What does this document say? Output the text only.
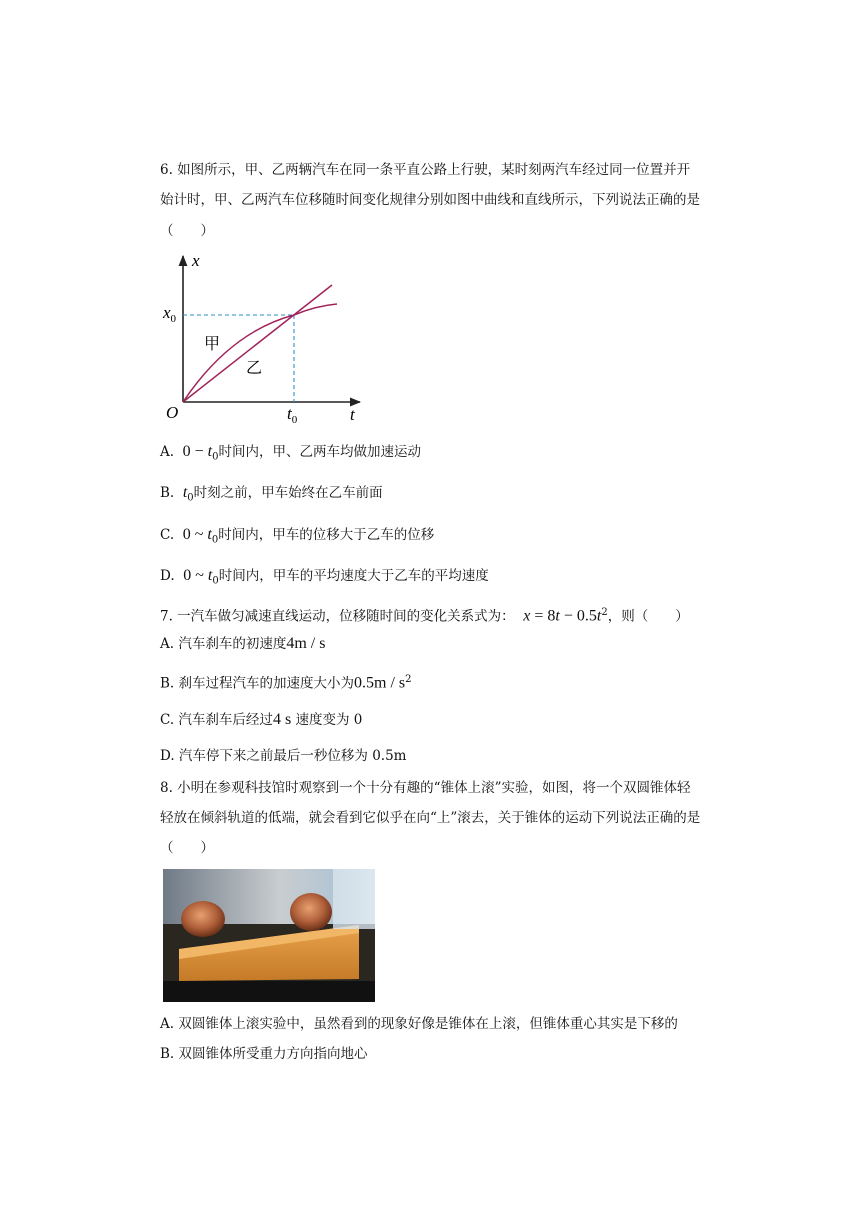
6. 如图所示，甲、乙两辆汽车在同一条平直公路上行驶，某时刻两汽车经过同一位置并开
始计时，甲、乙两汽车位移随时间变化规律分别如图中曲线和直线所示，下列说法正确的是
（　　）
x
t
O
$x_0$
$t_0$
甲
乙
A. $0 - t_0$时间内，甲、乙两车均做加速运动
B. $t_0$时刻之前，甲车始终在乙车前面
C. 0 ~ $t_0$时间内，甲车的位移大于乙车的位移
D. 0 ~ $t_0$时间内，甲车的平均速度大于乙车的平均速度
7. 一汽车做匀减速直线运动，位移随时间的变化关系式为： $x = 8t - 0.5t^2$，则（　　）
A. 汽车刹车的初速度4m / s
B. 刹车过程汽车的加速度大小为$0.5m / s^2$
C. 汽车刹车后经过4 s 速度变为 0
D. 汽车停下来之前最后一秒位移为 0.5m
8. 小明在参观科技馆时观察到一个十分有趣的“锥体上滚”实验，如图，将一个双圆锥体轻
轻放在倾斜轨道的低端，就会看到它似乎在向“上”滚去，关于锥体的运动下列说法正确的是
（　　）
A. 双圆锥体上滚实验中，虽然看到的现象好像是锥体在上滚，但锥体重心其实是下移的
B. 双圆锥体所受重力方向指向地心
